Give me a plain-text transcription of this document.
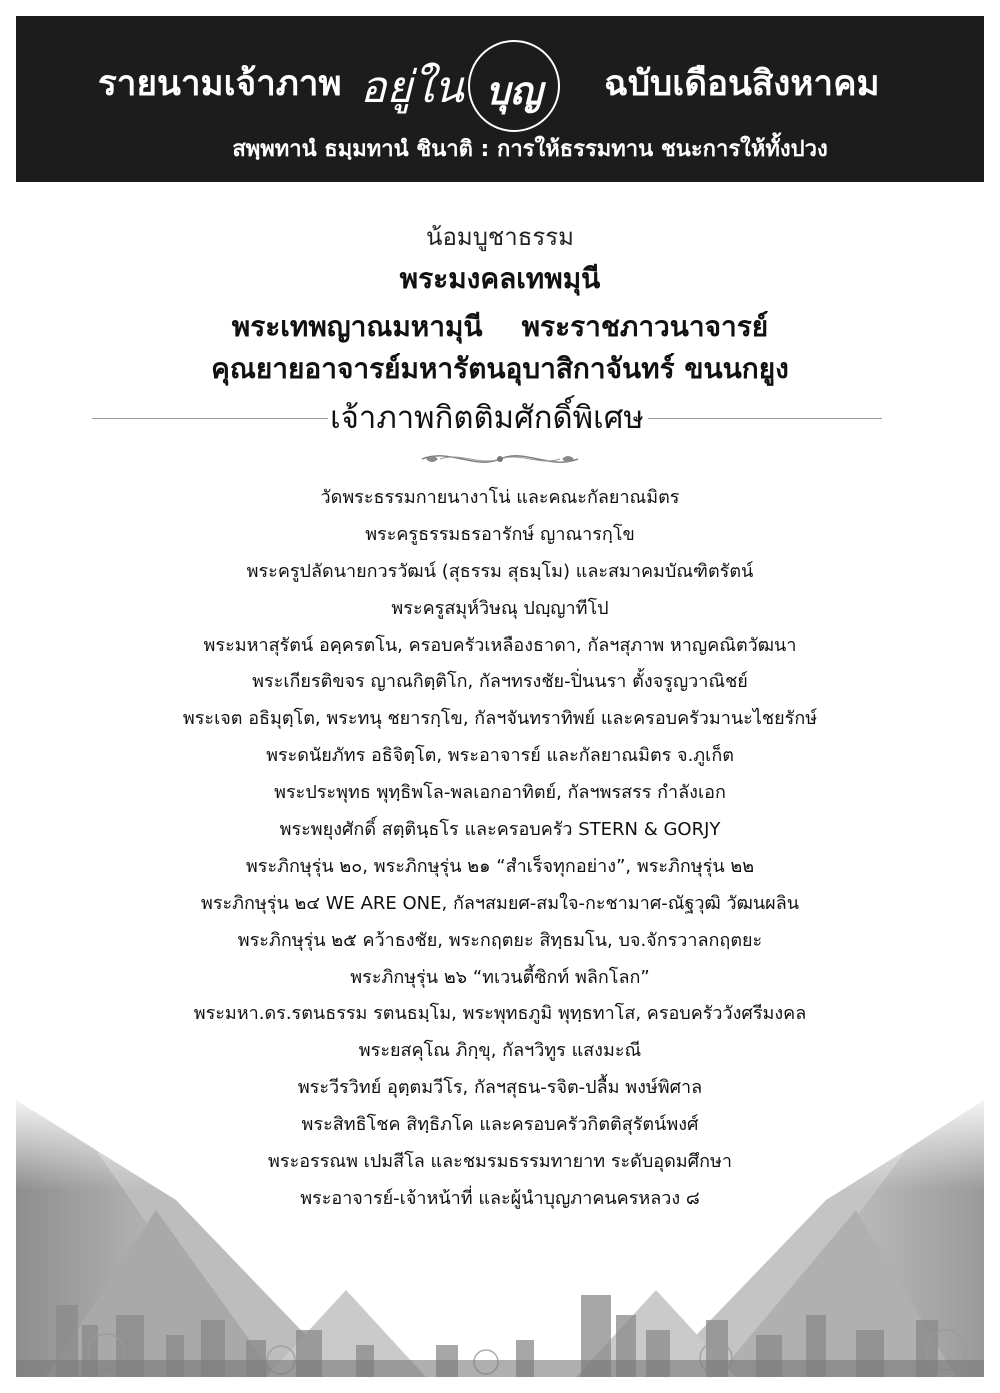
รายนามเจ้าภาพ อยู่ใน บุญ	ฉบับเดือนสิงหาคม
สพฺพทานํ ธมฺมทานํ ชินาติ : การให้ธรรมทาน ชนะการให้ทั้งปวง
น้อมบูชาธรรม
พระมงคลเทพมุนี
พระเทพญาณมหามุนี    พระราชภาวนาจารย์
คุณยายอาจารย์มหารัตนอุบาสิกาจันทร์ ขนนกยูง
เจ้าภาพกิตติมศักดิ์พิเศษ
วัดพระธรรมกายนางาโน่ และคณะกัลยาณมิตร
พระครูธรรมธรอารักษ์ ญาณารกฺโข
พระครูปลัดนายกวรวัฒน์ (สุธรรม สุธมฺโม) และสมาคมบัณฑิตรัตน์
พระครูสมุห์วิษณุ ปญฺญาทีโป
พระมหาสุรัตน์ อคฺครตโน, ครอบครัวเหลืองธาดา, กัลฯสุภาพ หาญคณิตวัฒนา
พระเกียรติขจร ญาณกิตฺติโก, กัลฯทรงชัย-ปิ่นนรา ตั้งจรูญวาณิชย์
พระเจต อธิมุตฺโต, พระทนุ ชยารกฺโข, กัลฯจันทราทิพย์ และครอบครัวมานะไชยรักษ์
พระดนัยภัทร อธิจิตฺโต, พระอาจารย์ และกัลยาณมิตร จ.ภูเก็ต
พระประพุทธ พุทฺธิพโล-พลเอกอาทิตย์, กัลฯพรสรร กำลังเอก
พระพยุงศักดิ์ สตฺตินฺธโร และครอบครัว STERN & GORJY
พระภิกษุรุ่น ๒๐, พระภิกษุรุ่น ๒๑ “สำเร็จทุกอย่าง”, พระภิกษุรุ่น ๒๒
พระภิกษุรุ่น ๒๔ WE ARE ONE, กัลฯสมยศ-สมใจ-กะชามาศ-ณัฐวุฒิ วัฒนผลิน
พระภิกษุรุ่น ๒๕ คว้าธงชัย, พระกฤตยะ สิทฺธมโน, บจ.จักรวาลกฤตยะ
พระภิกษุรุ่น ๒๖ “ทเวนตี้ซิกท์ พลิกโลก”
พระมหา.ดร.รตนธรรม รตนธมฺโม, พระพุทธภูมิ พุทฺธทาโส, ครอบครัววังศรีมงคล
พระยสคุโณ ภิกฺขุ, กัลฯวิทูร แสงมะณี
พระวีรวิทย์ อุตฺตมวีโร, กัลฯสุธน-รจิต-ปลื้ม พงษ์พิศาล
พระสิทธิโชค สิทฺธิภโค และครอบครัวกิตติสุรัตน์พงศ์
พระอรรณพ เปมสีโล และชมรมธรรมทายาท ระดับอุดมศึกษา
พระอาจารย์-เจ้าหน้าที่ และผู้นำบุญภาคนครหลวง ๘
